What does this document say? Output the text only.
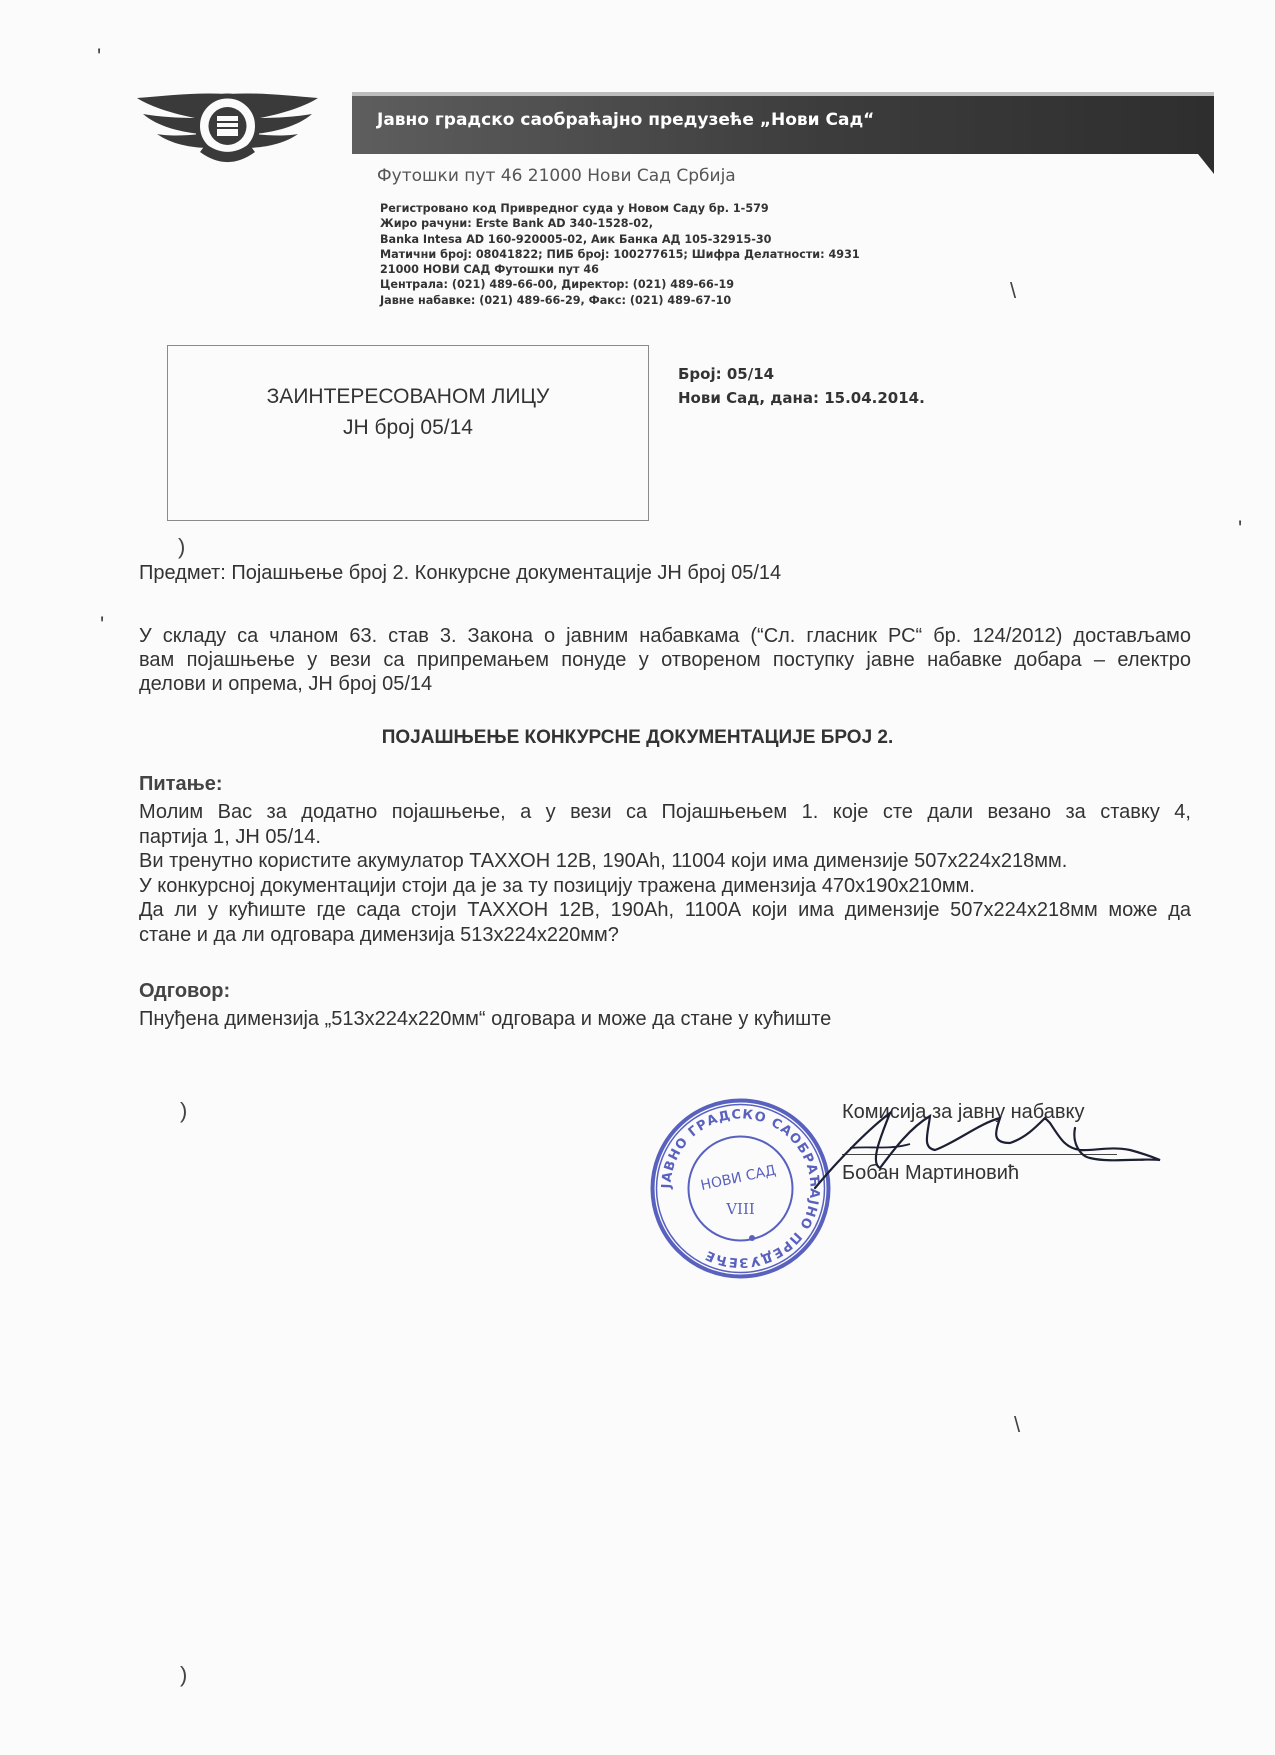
Јавно градско саобраћајно предузеће „Нови Сад“
Футошки пут 46 21000 Нови Сад Србија
Регистровано код Привредног суда у Новом Саду бр. 1-579
Жиро рачуни: Erste Bank AD 340-1528-02,
Banka Intesa AD 160-920005-02, Аик Банка АД 105-32915-30
Матични број: 08041822; ПИБ број: 100277615; Шифра Делатности: 4931
21000 НОВИ САД Футошки пут 46
Централа: (021) 489-66-00, Директор: (021) 489-66-19
Јавне набавке: (021) 489-66-29, Факс: (021) 489-67-10
ЗАИНТЕРЕСОВАНОМ ЛИЦУ
ЈН број 05/14
Број: 05/14
Нови Сад, дана: 15.04.2014.
Предмет: Појашњење број 2. Конкурсне документације ЈН број 05/14
У складу са чланом 63. став 3. Закона о јавним набавкама (“Сл. гласник РС“ бр. 124/2012) достављамо
вам појашњење у вези са припремањем понуде у отвореном поступку јавне набавке добара – електро
делови и опрема, ЈН број 05/14
ПОЈАШЊЕЊЕ КОНКУРСНЕ ДОКУМЕНТАЦИЈЕ БРОЈ 2.
Питање:
Молим Вас за додатно појашњење, а у вези са Појашњењем 1. које сте дали везано за ставку 4,
партија 1, ЈН 05/14.
Ви тренутно користите акумулатор ТАХХОН 12В, 190Аh, 11004 који има димензије 507x224x218мм.
У конкурсној документацији стоји да је за ту позицију тражена димензија 470x190x210мм.
Да ли у кућиште где сада стоји ТАХХОН 12В, 190Аh, 1100А који има димензије 507x224x218мм може да
стане и да ли одговара димензија 513x224x220мм?
Одговор:
Пнуђена димензија „513x224x220мм“ одговара и може да стане у кућиште
ЈАВНО ГРАДСКО САОБРАЋАЈНО ПРЕДУЗЕЋЕ
НОВИ САД
VIII
Комисија за јавну набавку
Бобан Мартиновић
'
\
)
'
'
)
\
)
